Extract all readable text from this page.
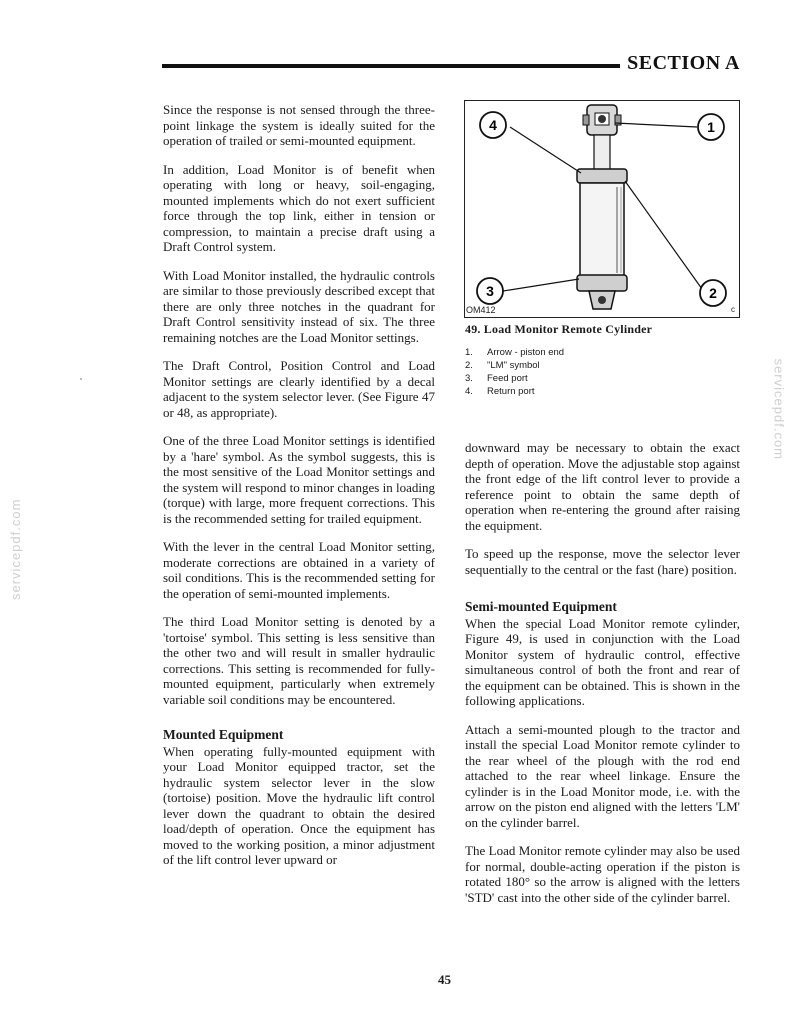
SECTION A
servicepdf.com
servicepdf.com

Since the response is not sensed through the three-point linkage the system is ideally suited for the operation of trailed or semi-mounted equipment.

In addition, Load Monitor is of benefit when operating with long or heavy, soil-engaging, mounted implements which do not exert sufficient force through the top link, either in tension or compression, to maintain a precise draft using a Draft Control system.

With Load Monitor installed, the hydraulic controls are similar to those previously described except that there are only three notches in the quadrant for Draft Control sensitivity instead of six. The three remaining notches are the Load Monitor settings.

The Draft Control, Position Control and Load Monitor settings are clearly identified by a decal adjacent to the system selector lever. (See Figure 47 or 48, as appropriate).

One of the three Load Monitor settings is identified by a 'hare' symbol. As the symbol suggests, this is the most sensitive of the Load Monitor settings and the system will respond to minor changes in loading (torque) with large, more frequent corrections. This is the recommended setting for trailed equipment.

With the lever in the central Load Monitor setting, moderate corrections are obtained in a variety of soil conditions. This is the recommended setting for the operation of semi-mounted implements.

The third Load Monitor setting is denoted by a 'tortoise' symbol. This setting is less sensitive than the other two and will result in smaller hydraulic corrections. This setting is recommended for fully-mounted equipment, particularly when extremely variable soil conditions may be encountered.

Mounted Equipment

When operating fully-mounted equipment with your Load Monitor equipped tractor, set the hydraulic system selector lever in the slow (tortoise) position. Move the hydraulic lift control lever down the quadrant to obtain the desired load/depth of operation. Once the equipment has moved to the working position, a minor adjustment of the lift control lever upward or

4	1
3	2
OM412	c
49. Load Monitor Remote Cylinder
1.	Arrow - piston end
2.	"LM" symbol
3.	Feed port
4.	Return port

downward may be necessary to obtain the exact depth of operation. Move the adjustable stop against the front edge of the lift control lever to provide a reference point to obtain the same depth of operation when re-entering the ground after raising the equipment.

To speed up the response, move the selector lever sequentially to the central or the fast (hare) position.

Semi-mounted Equipment

When the special Load Monitor remote cylinder, Figure 49, is used in conjunction with the Load Monitor system of hydraulic control, effective simultaneous control of both the front and rear of the equipment can be obtained. This is shown in the following applications.

Attach a semi-mounted plough to the tractor and install the special Load Monitor remote cylinder to the rear wheel of the plough with the rod end attached to the rear wheel linkage. Ensure the cylinder is in the Load Monitor mode, i.e. with the arrow on the piston end aligned with the letters 'LM' on the cylinder barrel.

The Load Monitor remote cylinder may also be used for normal, double-acting operation if the piston is rotated 180° so the arrow is aligned with the letters 'STD' cast into the other side of the cylinder barrel.

45
